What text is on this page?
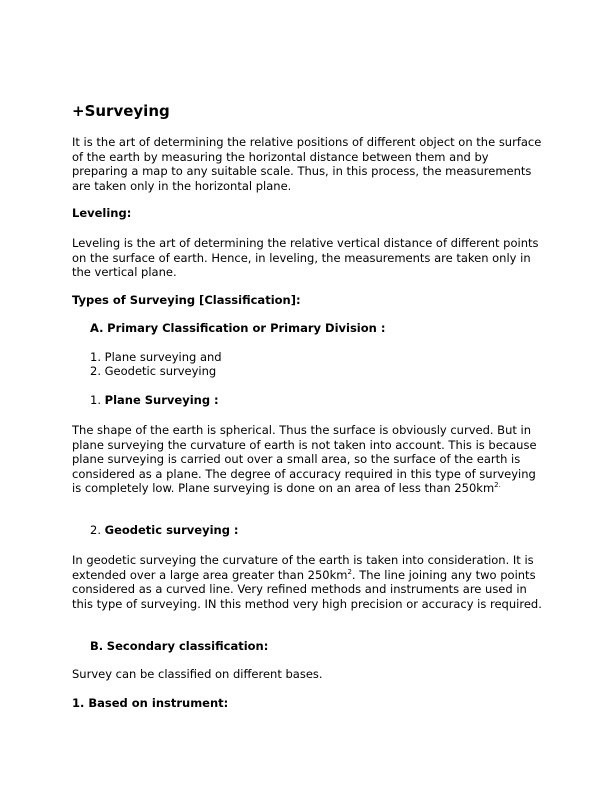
+Surveying

It is the art of determining the relative positions of different object on the surface of the earth by measuring the horizontal distance between them and by preparing a map to any suitable scale. Thus, in this process, the measurements are taken only in the horizontal plane.

Leveling:

Leveling is the art of determining the relative vertical distance of different points on the surface of earth. Hence, in leveling, the measurements are taken only in the vertical plane.

Types of Surveying [Classification]:

A. Primary Classification or Primary Division :

1. Plane surveying and
2. Geodetic surveying

1. Plane Surveying :

The shape of the earth is spherical. Thus the surface is obviously curved. But in plane surveying the curvature of earth is not taken into account. This is because plane surveying is carried out over a small area, so the surface of the earth is considered as a plane. The degree of accuracy required in this type of surveying is completely low. Plane surveying is done on an area of less than $250km^{2.}$

2. Geodetic surveying :

In geodetic surveying the curvature of the earth is taken into consideration. It is extended over a large area greater than $250km^2$. The line joining any two points considered as a curved line. Very refined methods and instruments are used in this type of surveying. IN this method very high precision or accuracy is required.

B. Secondary classification:

Survey can be classified on different bases.

1. Based on instrument:
